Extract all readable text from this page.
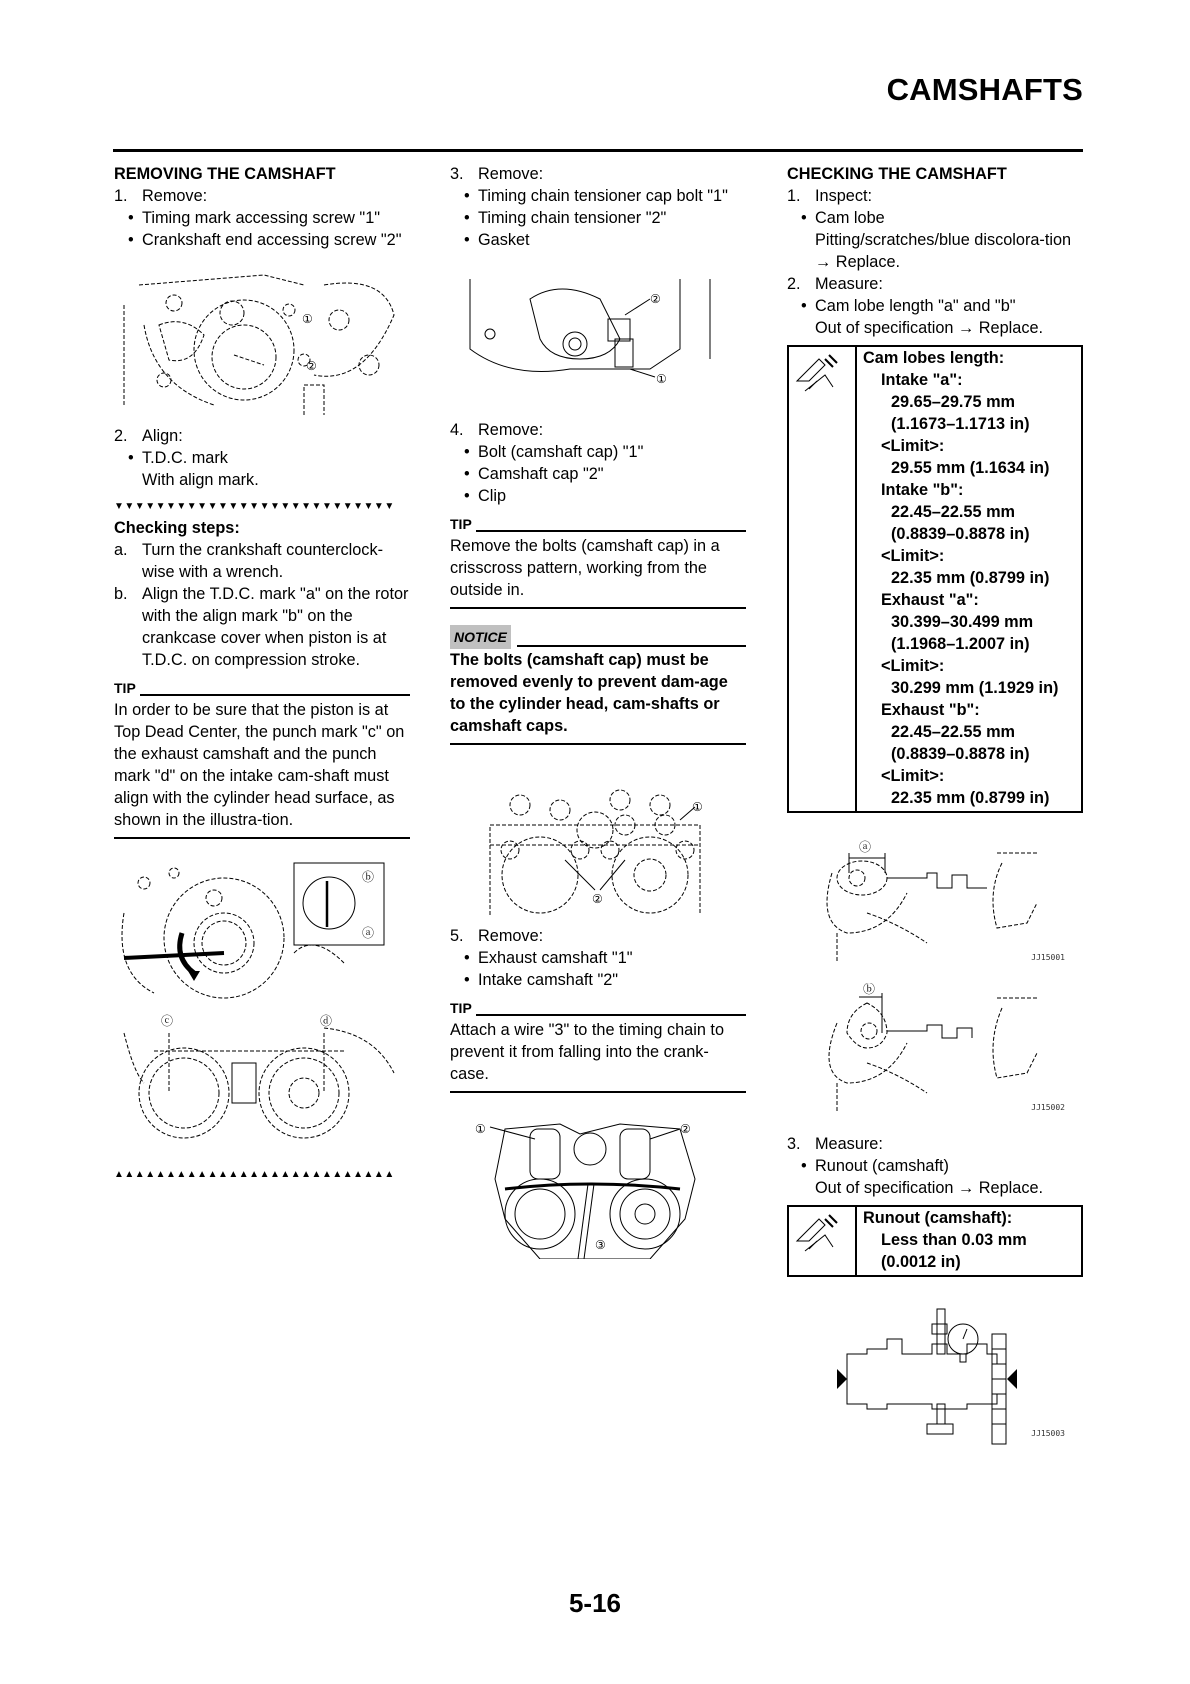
CAMSHAFTS
REMOVING THE CAMSHAFT
1. Remove:
• Timing mark accessing screw "1"
• Crankshaft end accessing screw "2"
①
②
2. Align:
• T.D.C. mark
With align mark.
▼▼▼▼▼▼▼▼▼▼▼▼▼▼▼▼▼▼▼▼▼▼▼▼▼▼▼
Checking steps:
a. Turn the crankshaft counterclock-wise with a wrench.
b. Align the T.D.C. mark "a" on the rotor with the align mark "b" on the crankcase cover when piston is at T.D.C. on compression stroke.
TIP
In order to be sure that the piston is at Top Dead Center, the punch mark "c" on the exhaust camshaft and the punch mark "d" on the intake cam-shaft must align with the cylinder head surface, as shown in the illustra-tion.
ⓑ
ⓐ
ⓒ	ⓓ
▲▲▲▲▲▲▲▲▲▲▲▲▲▲▲▲▲▲▲▲▲▲▲▲▲▲▲
3. Remove:
• Timing chain tensioner cap bolt "1"
• Timing chain tensioner "2"
• Gasket
②
①
4. Remove:
• Bolt (camshaft cap) "1"
• Camshaft cap "2"
• Clip
TIP
Remove the bolts (camshaft cap) in a crisscross pattern, working from the outside in.
NOTICE
The bolts (camshaft cap) must be removed evenly to prevent dam-age to the cylinder head, cam-shafts or camshaft caps.
①
②
5. Remove:
• Exhaust camshaft "1"
• Intake camshaft "2"
TIP
Attach a wire "3" to the timing chain to prevent it from falling into the crank-case.
①	②
③
CHECKING THE CAMSHAFT
1. Inspect:
• Cam lobe
Pitting/scratches/blue discolora-tion → Replace.
2. Measure:
• Cam lobe length "a" and "b"
Out of specification → Replace.
Cam lobes length:
Intake "a":
29.65–29.75 mm
(1.1673–1.1713 in)
<Limit>:
29.55 mm (1.1634 in)
Intake "b":
22.45–22.55 mm
(0.8839–0.8878 in)
<Limit>:
22.35 mm (0.8799 in)
Exhaust "a":
30.399–30.499 mm
(1.1968–1.2007 in)
<Limit>:
30.299 mm (1.1929 in)
Exhaust "b":
22.45–22.55 mm
(0.8839–0.8878 in)
<Limit>:
22.35 mm (0.8799 in)
ⓐ
JJ15001
ⓑ
JJ15002
3. Measure:
• Runout (camshaft)
Out of specification → Replace.
Runout (camshaft):
Less than 0.03 mm
(0.0012 in)
JJ15003
5-16
